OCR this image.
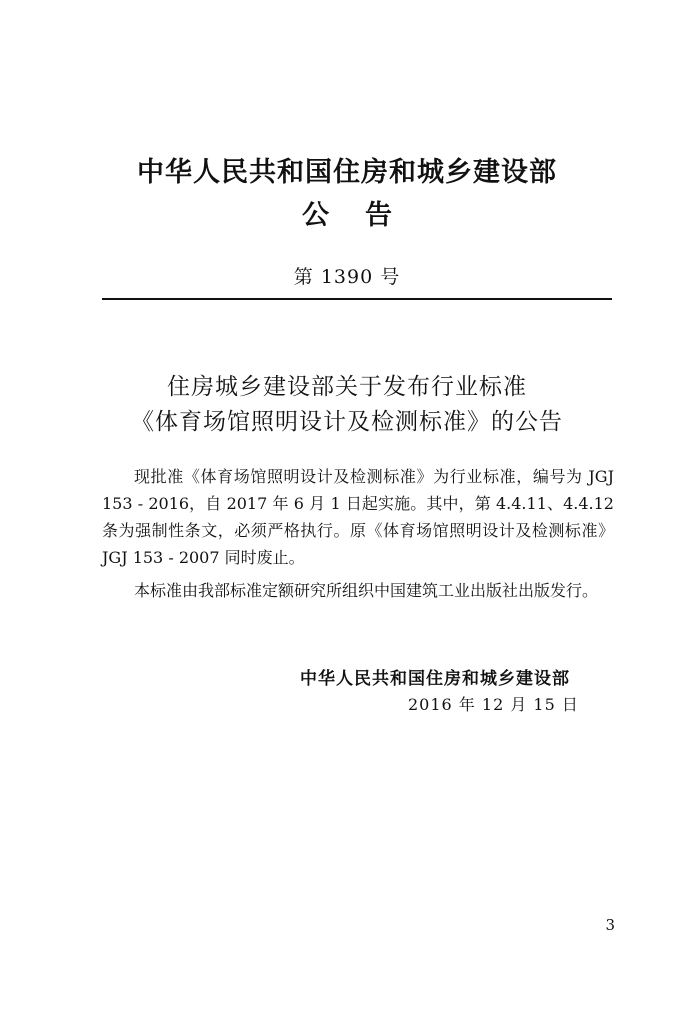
中华人民共和国住房和城乡建设部
公告
第 1390 号
住房城乡建设部关于发布行业标准
《体育场馆照明设计及检测标准》的公告
现批准《体育场馆照明设计及检测标准》为行业标准，编号为 JGJ 153 - 2016，自 2017 年 6 月 1 日起实施。其中，第 4.4.11、4.4.12 条为强制性条文，必须严格执行。原《体育场馆照明设计及检测标准》JGJ 153 - 2007 同时废止。
本标准由我部标准定额研究所组织中国建筑工业出版社出版发行。
中华人民共和国住房和城乡建设部
2016 年 12 月 15 日
3
